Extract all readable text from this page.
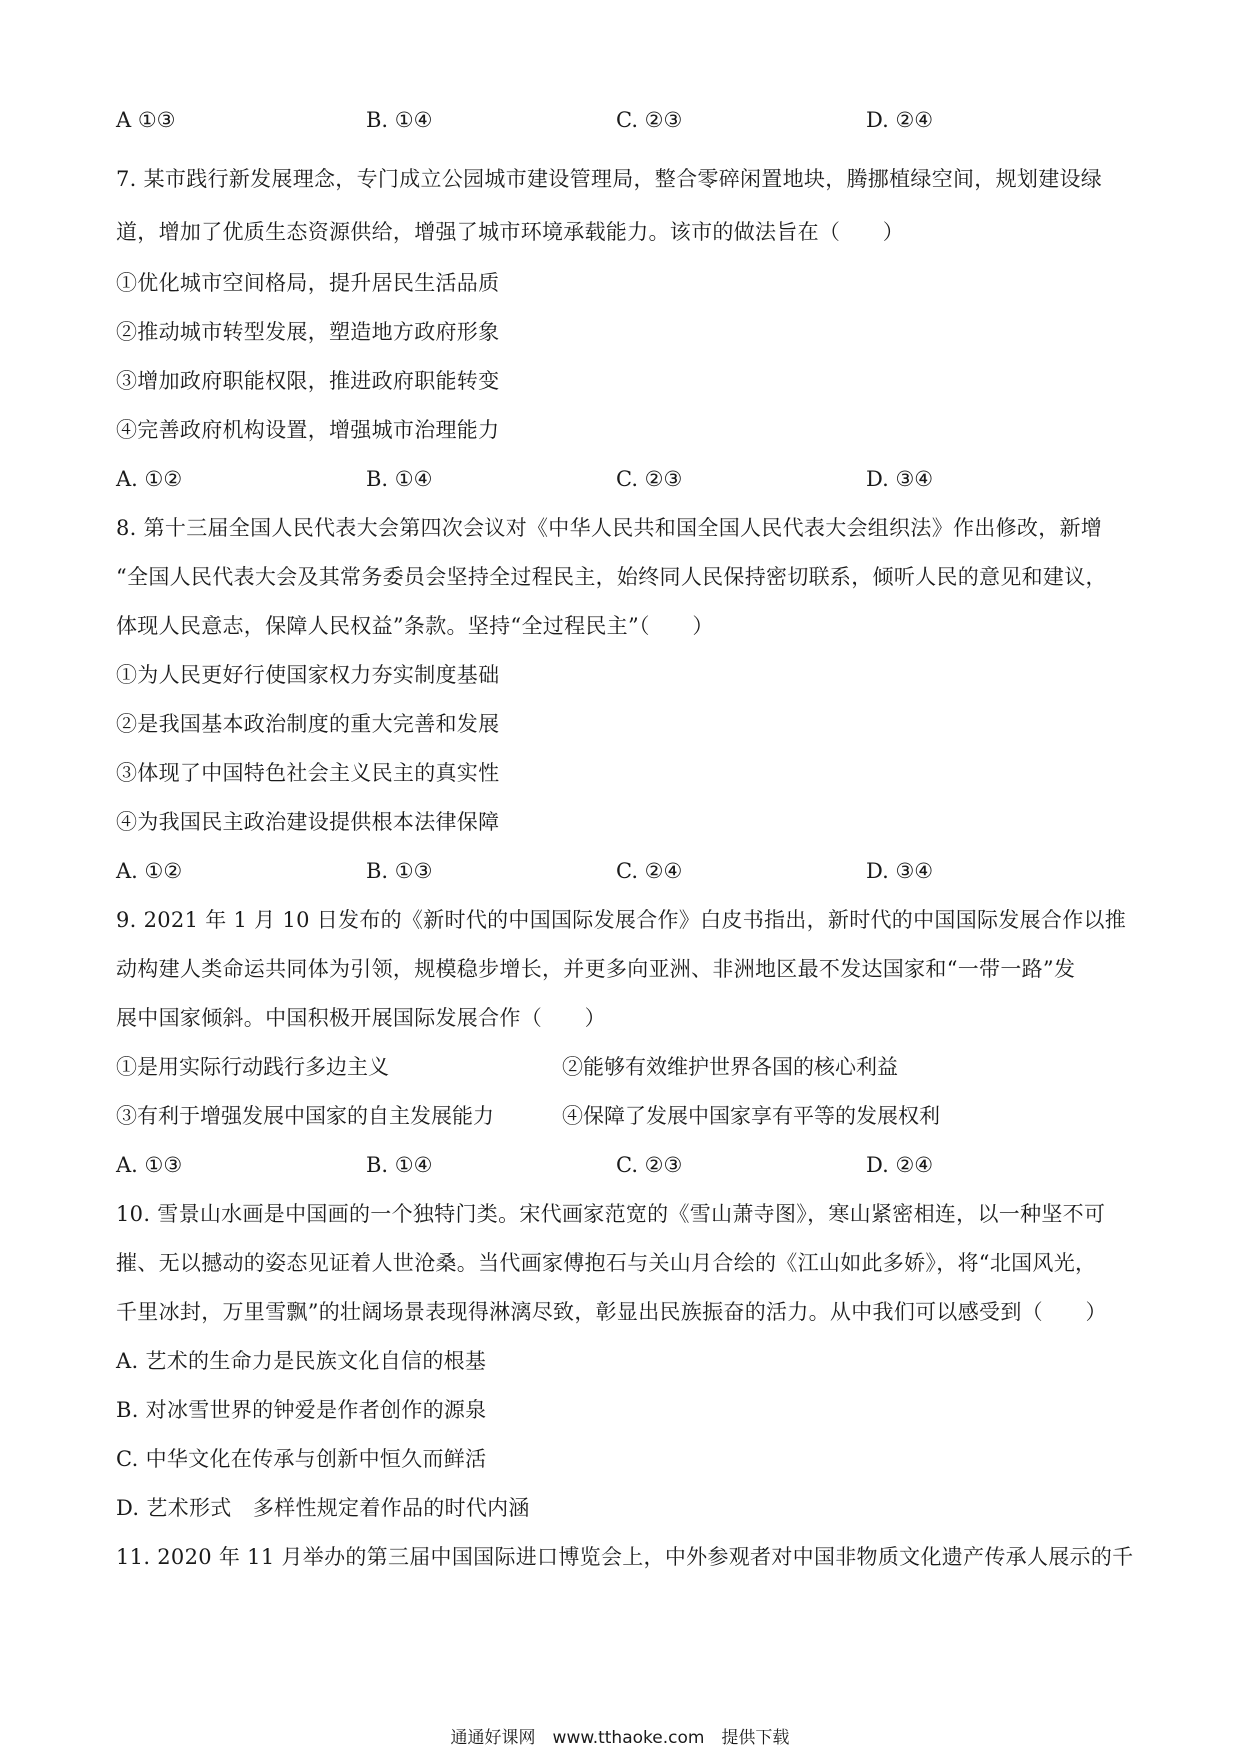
A ①③	B. ①④	C. ②③	D. ②④
7. 某市践行新发展理念，专门成立公园城市建设管理局，整合零碎闲置地块，腾挪植绿空间，规划建设绿
道，增加了优质生态资源供给，增强了城市环境承载能力。该市的做法旨在（　　）
①优化城市空间格局，提升居民生活品质
②推动城市转型发展，塑造地方政府形象
③增加政府职能权限，推进政府职能转变
④完善政府机构设置，增强城市治理能力
A. ①②	B. ①④	C. ②③	D. ③④
8. 第十三届全国人民代表大会第四次会议对《中华人民共和国全国人民代表大会组织法》作出修改，新增
“全国人民代表大会及其常务委员会坚持全过程民主，始终同人民保持密切联系，倾听人民的意见和建议，
体现人民意志，保障人民权益”条款。坚持“全过程民主”（　　）
①为人民更好行使国家权力夯实制度基础
②是我国基本政治制度的重大完善和发展
③体现了中国特色社会主义民主的真实性
④为我国民主政治建设提供根本法律保障
A. ①②	B. ①③	C. ②④	D. ③④
9. 2021 年 1 月 10 日发布的《新时代的中国国际发展合作》白皮书指出，新时代的中国国际发展合作以推
动构建人类命运共同体为引领，规模稳步增长，并更多向亚洲、非洲地区最不发达国家和“一带一路”发
展中国家倾斜。中国积极开展国际发展合作（　　）
①是用实际行动践行多边主义	②能够有效维护世界各国的核心利益
③有利于增强发展中国家的自主发展能力	④保障了发展中国家享有平等的发展权利
A. ①③	B. ①④	C. ②③	D. ②④
10. 雪景山水画是中国画的一个独特门类。宋代画家范宽的《雪山萧寺图》，寒山紧密相连，以一种坚不可
摧、无以撼动的姿态见证着人世沧桑。当代画家傅抱石与关山月合绘的《江山如此多娇》，将“北国风光，
千里冰封，万里雪飘”的壮阔场景表现得淋漓尽致，彰显出民族振奋的活力。从中我们可以感受到（　　）
A. 艺术的生命力是民族文化自信的根基
B. 对冰雪世界的钟爱是作者创作的源泉
C. 中华文化在传承与创新中恒久而鲜活
D. 艺术形式　多样性规定着作品的时代内涵
11. 2020 年 11 月举办的第三届中国国际进口博览会上，中外参观者对中国非物质文化遗产传承人展示的千
通通好课网　www.tthaoke.com　提供下载
